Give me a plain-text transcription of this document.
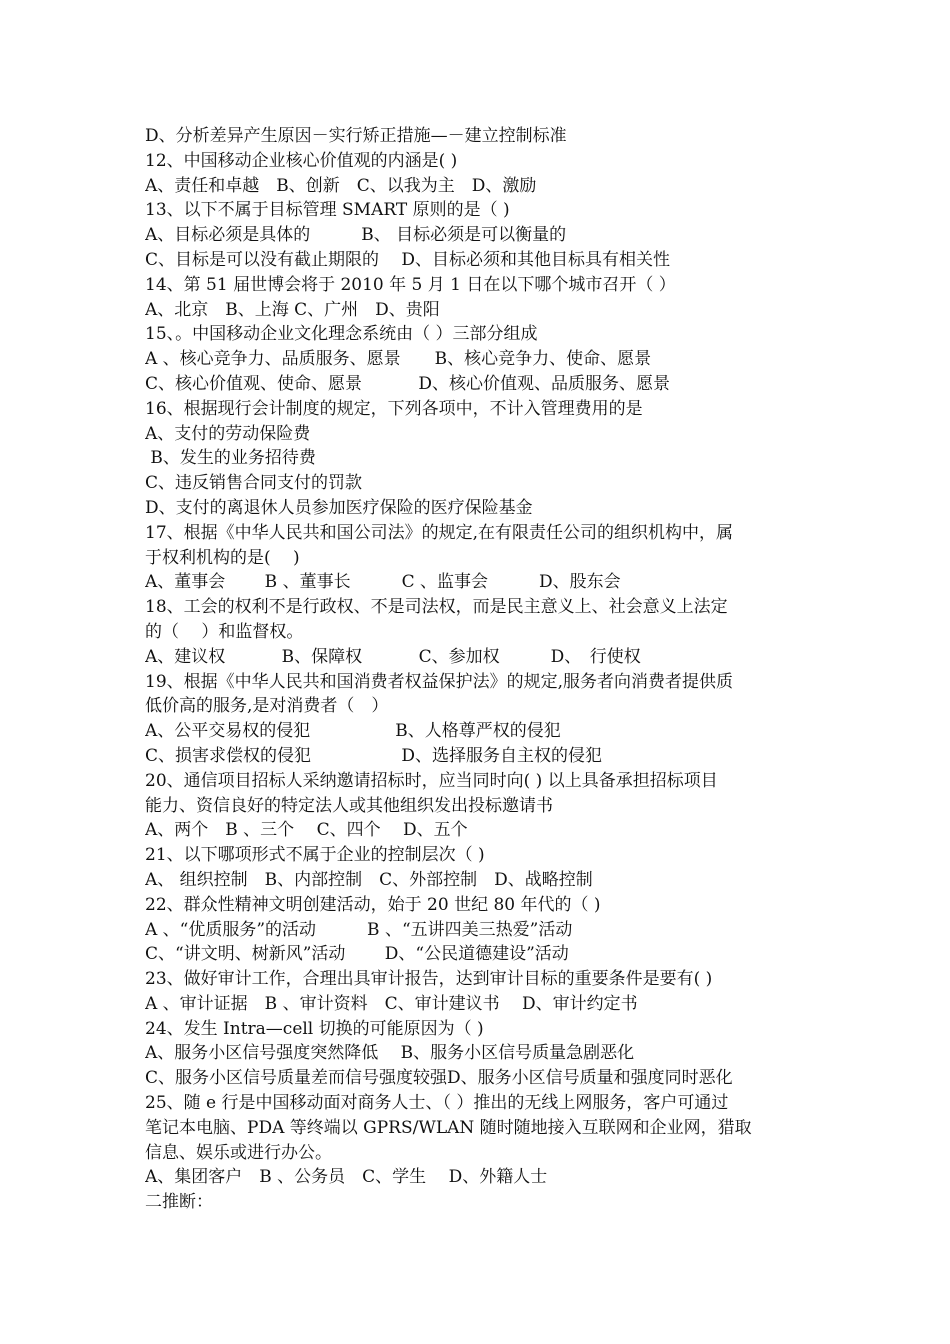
D、分析差异产生原因－实行矫正措施—－建立控制标准
12、中国移动企业核心价值观的内涵是( )
A、责任和卓越　B、创新　C、以我为主　D、激励
13、以下不属于目标管理 SMART 原则的是（ )
A、目标必须是具体的　　　B、 目标必须是可以衡量的
C、目标是可以没有截止期限的　 D、目标必须和其他目标具有相关性
14、第 51 届世博会将于 2010 年 5 月 1 日在以下哪个城市召开（ ）
A、北京　B、上海 C、广州　D、贵阳
15、。中国移动企业文化理念系统由（ ）三部分组成
A 、核心竞争力、品质服务、愿景　　B、核心竞争力、使命、愿景
C、核心价值观、使命、愿景　　　 D、核心价值观、品质服务、愿景
16、根据现行会计制度的规定，下列各项中，不计入管理费用的是
A、支付的劳动保险费
B、发生的业务招待费
C、违反销售合同支付的罚款
D、支付的离退休人员参加医疗保险的医疗保险基金
17、根据《中华人民共和国公司法》的规定,在有限责任公司的组织机构中，属
于权利机构的是(　 )
A、董事会　　 B 、董事长　　　C 、监事会　　　D、股东会
18、工会的权利不是行政权、不是司法权，而是民主意义上、社会意义上法定
的（　 ）和监督权。
A、建议权　　　 B、保障权　　　 C、参加权　　　D、　行使权
19、根据《中华人民共和国消费者权益保护法》的规定,服务者向消费者提供质
低价高的服务,是对消费者（　）
A、公平交易权的侵犯　　　　　B、人格尊严权的侵犯
C、损害求偿权的侵犯　　　　　 D、选择服务自主权的侵犯
20、通信项目招标人采纳邀请招标时，应当同时向( ) 以上具备承担招标项目
能力、资信良好的特定法人或其他组织发出投标邀请书
A、两个　B 、三个　 C、四个　 D、五个
21、以下哪项形式不属于企业的控制层次（ )
A、 组织控制　B、内部控制　C、外部控制　D、战略控制
22、群众性精神文明创建活动，始于 20 世纪 80 年代的（ )
A 、“优质服务”的活动　　　B 、“五讲四美三热爱”活动
C、“讲文明、树新风”活动　　 D、“公民道德建设”活动
23、做好审计工作，合理出具审计报告，达到审计目标的重要条件是要有( )
A 、审计证据　B 、审计资料　C、审计建议书　 D、审计约定书
24、发生 Intra—cell 切换的可能原因为（ )
A、服务小区信号强度突然降低　 B、服务小区信号质量急剧恶化
C、服务小区信号质量差而信号强度较强D、服务小区信号质量和强度同时恶化
25、随 e 行是中国移动面对商务人士、（ ）推出的无线上网服务，客户可通过
笔记本电脑、PDA 等终端以 GPRS/WLAN 随时随地接入互联网和企业网，猎取
信息、娱乐或进行办公。
A、集团客户　B 、公务员　C、学生　 D、外籍人士
二推断：
